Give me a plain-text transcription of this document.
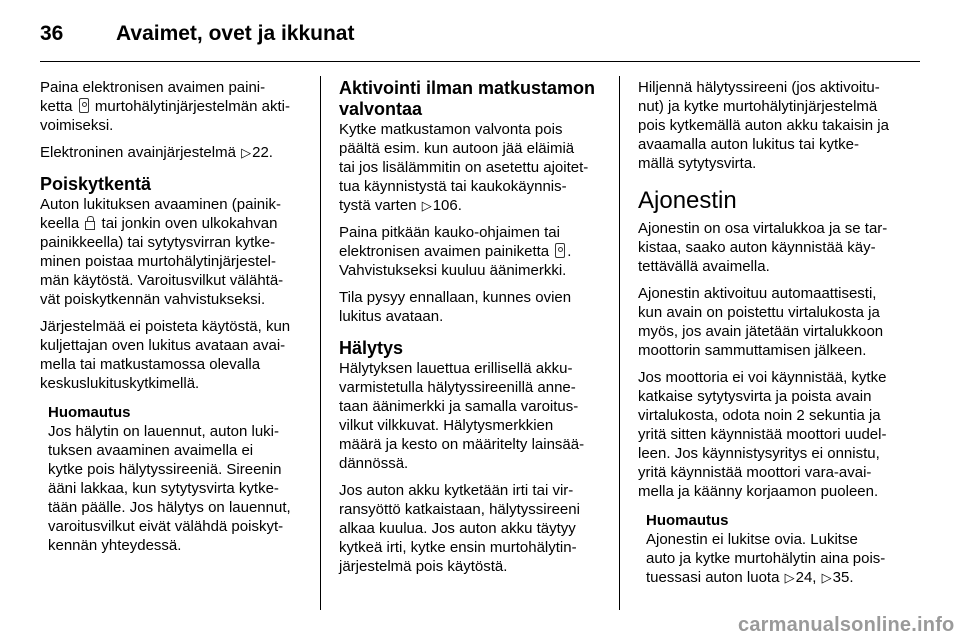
36	Avaimet, ovet ja ikkunat

Paina elektronisen avaimen paini-
ketta murtohälytinjärjestelmän akti-
voimiseksi.

Elektroninen avainjärjestelmä ▷22.

Poiskytkentä

Auton lukituksen avaaminen (painik-
keella tai jonkin oven ulkokahvan
painikkeella) tai sytytysvirran kytke-
minen poistaa murtohälytinjärjestel-
män käytöstä. Varoitusvilkut välähtä-
vät poiskytkennän vahvistukseksi.

Järjestelmää ei poisteta käytöstä, kun
kuljettajan oven lukitus avataan avai-
mella tai matkustamossa olevalla
keskuslukituskytkimellä.

Huomautus
Jos hälytin on lauennut, auton luki-
tuksen avaaminen avaimella ei
kytke pois hälytyssireeniä. Sireenin
ääni lakkaa, kun sytytysvirta kytke-
tään päälle. Jos hälytys on lauennut,
varoitusvilkut eivät välähdä poiskyt-
kennän yhteydessä.
Aktivointi ilman matkustamon
valvontaa

Kytke matkustamon valvonta pois
päältä esim. kun autoon jää eläimiä
tai jos lisälämmitin on asetettu ajoitet-
tua käynnistystä tai kaukokäynnis-
tystä varten ▷106.

Paina pitkään kauko-ohjaimen tai
elektronisen avaimen painiketta .
Vahvistukseksi kuuluu äänimerkki.

Tila pysyy ennallaan, kunnes ovien
lukitus avataan.

Hälytys

Hälytyksen lauettua erillisellä akku-
varmistetulla hälytyssireenillä anne-
taan äänimerkki ja samalla varoitus-
vilkut vilkkuvat. Hälytysmerkkien
määrä ja kesto on määritelty lainsää-
dännössä.

Jos auton akku kytketään irti tai vir-
ransyöttö katkaistaan, hälytyssireeni
alkaa kuulua. Jos auton akku täytyy
kytkeä irti, kytke ensin murtohälytin-
järjestelmä pois käytöstä.

Hiljennä hälytyssireeni (jos aktivoitu-
nut) ja kytke murtohälytinjärjestelmä
pois kytkemällä auton akku takaisin ja
avaamalla auton lukitus tai kytke-
mällä sytytysvirta.

Ajonestin

Ajonestin on osa virtalukkoa ja se tar-
kistaa, saako auton käynnistää käy-
tettävällä avaimella.

Ajonestin aktivoituu automaattisesti,
kun avain on poistettu virtalukosta ja
myös, jos avain jätetään virtalukkoon
moottorin sammuttamisen jälkeen.

Jos moottoria ei voi käynnistää, kytke
katkaise sytytysvirta ja poista avain
virtalukosta, odota noin 2 sekuntia ja
yritä sitten käynnistää moottori uudel-
leen. Jos käynnistysyritys ei onnistu,
yritä käynnistää moottori vara-avai-
mella ja käänny korjaamon puoleen.

Huomautus
Ajonestin ei lukitse ovia. Lukitse
auto ja kytke murtohälytin aina pois-
tuessasi auton luota ▷24, ▷35.
carmanualsonline.info
